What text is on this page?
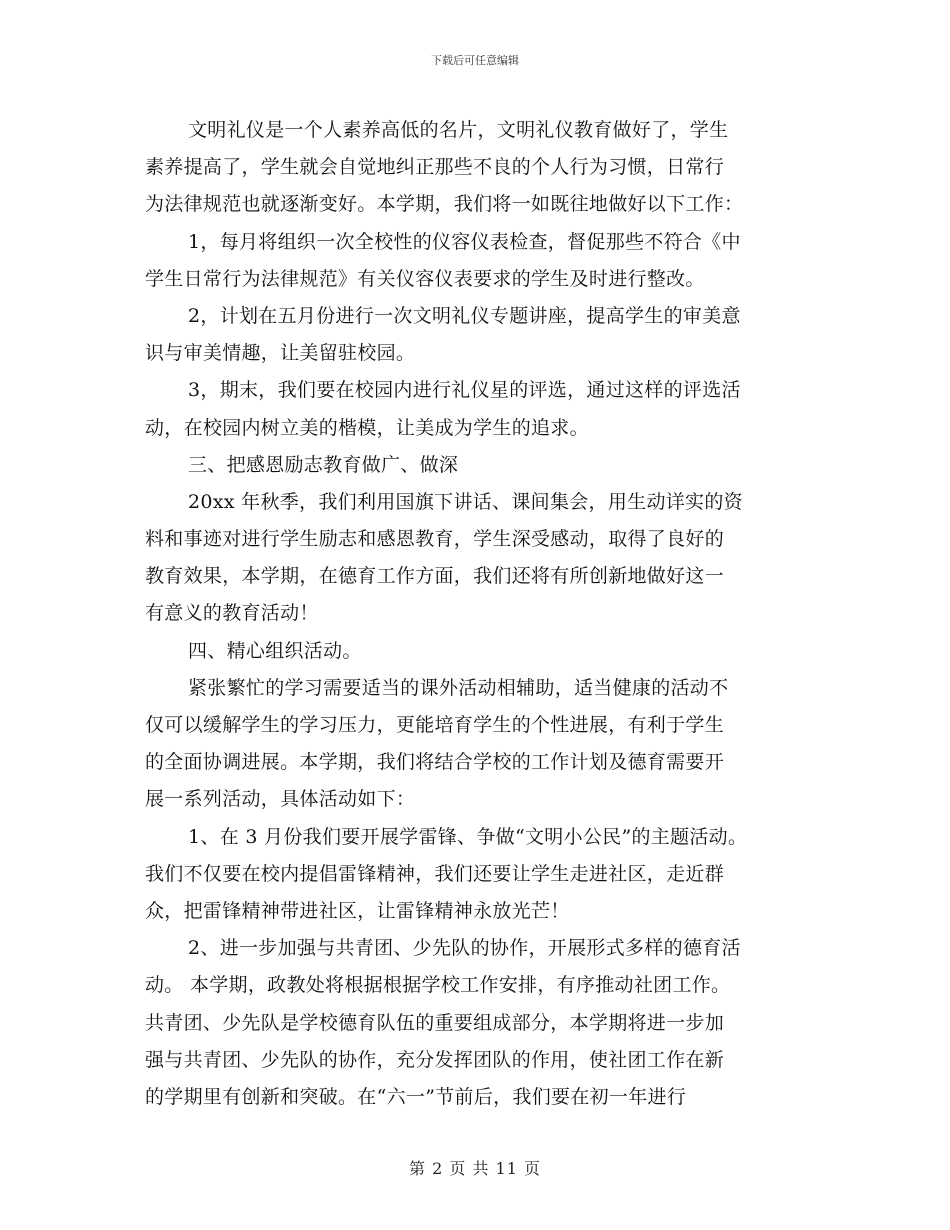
下载后可任意编辑
文明礼仪是一个人素养高低的名片，文明礼仪教育做好了，学生
素养提高了，学生就会自觉地纠正那些不良的个人行为习惯，日常行
为法律规范也就逐渐变好。本学期，我们将一如既往地做好以下工作：
1，每月将组织一次全校性的仪容仪表检查，督促那些不符合《中
学生日常行为法律规范》有关仪容仪表要求的学生及时进行整改。
2，计划在五月份进行一次文明礼仪专题讲座，提高学生的审美意
识与审美情趣，让美留驻校园。
3，期末，我们要在校园内进行礼仪星的评选，通过这样的评选活
动，在校园内树立美的楷模，让美成为学生的追求。
三、把感恩励志教育做广、做深
20xx 年秋季，我们利用国旗下讲话、课间集会，用生动详实的资
料和事迹对进行学生励志和感恩教育，学生深受感动，取得了良好的
教育效果，本学期，在德育工作方面，我们还将有所创新地做好这一
有意义的教育活动！
四、精心组织活动。
紧张繁忙的学习需要适当的课外活动相辅助，适当健康的活动不
仅可以缓解学生的学习压力，更能培育学生的个性进展，有利于学生
的全面协调进展。本学期，我们将结合学校的工作计划及德育需要开
展一系列活动，具体活动如下：
1、在 3 月份我们要开展学雷锋、争做“文明小公民”的主题活动。
我们不仅要在校内提倡雷锋精神，我们还要让学生走进社区，走近群
众，把雷锋精神带进社区，让雷锋精神永放光芒！
2、进一步加强与共青团、少先队的协作，开展形式多样的德育活
动。 本学期，政教处将根据根据学校工作安排，有序推动社团工作。
共青团、少先队是学校德育队伍的重要组成部分，本学期将进一步加
强与共青团、少先队的协作，充分发挥团队的作用，使社团工作在新
的学期里有创新和突破。在“六一”节前后，我们要在初一年进行
第 2 页 共 11 页
